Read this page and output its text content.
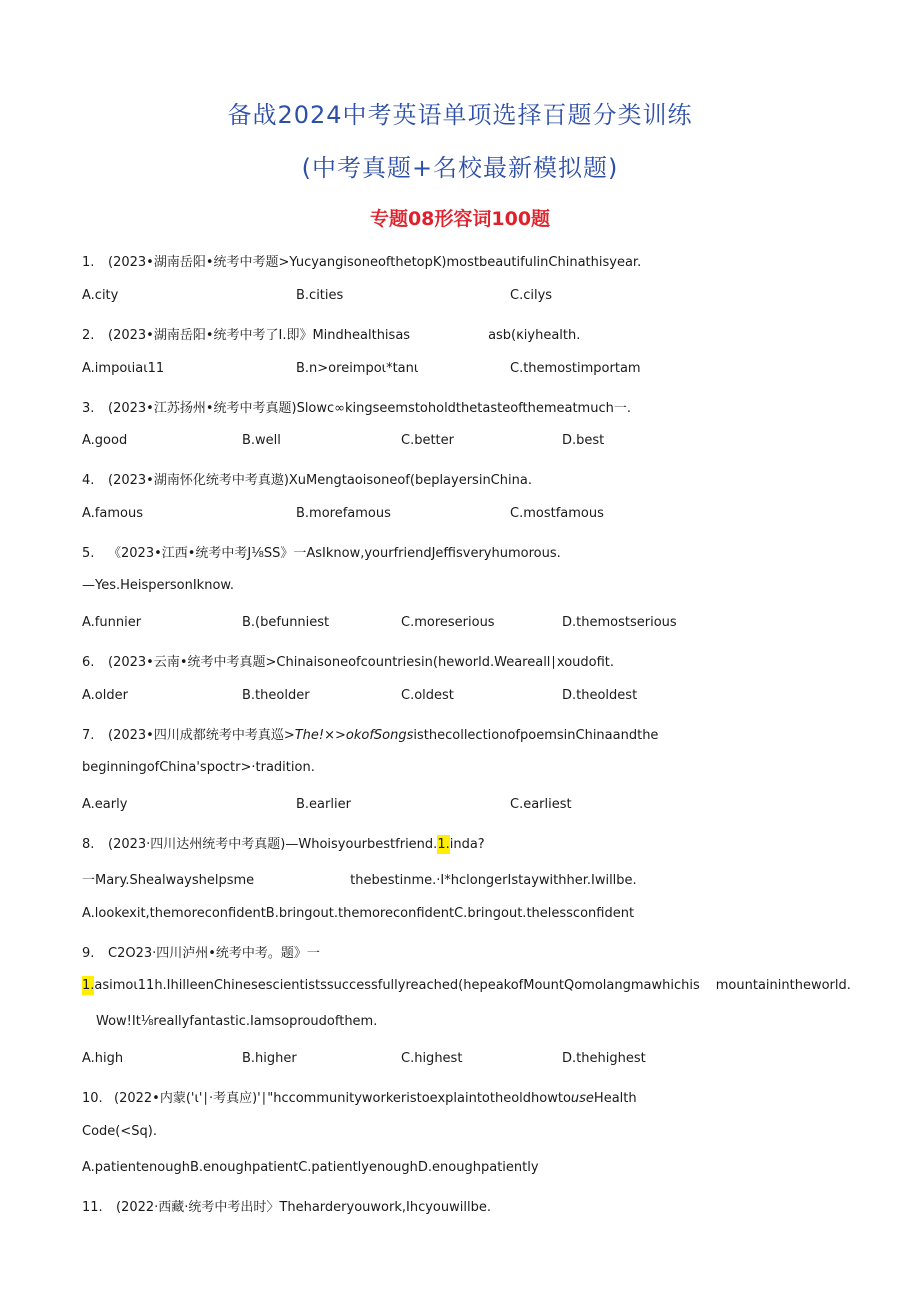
备战2024中考英语单项选择百题分类训练
(中考真题+名校最新模拟题)
专题08形容词100题
1. (2023•湖南岳阳•统考中考题>YucyangisoneofthetopK)mostbeautifulinChinathisyear.
A.city	B.cities	C.cilys
2. (2023•湖南岳阳•统考中考了I.即》Mindhealthisas	asb(κiyhealth.
A.impoιiaι11	B.n>oreimpoι*tanι	C.themostimportam
3. (2023•江苏扬州•统考中考真题)Slowc∞kingseemstoholdthetasteofthemeatmuch一.
A.good	B.well	C.better	D.best
4. (2023•湖南怀化统考中考真遨)XuMengtaoisoneof(beplayersinChina.
A.famous	B.morefamous	C.mostfamous
5. 《2023•江西•统考中考J⅛SS》一AsIknow,yourfriendJeffisveryhumorous.
—Yes.HeispersonIknow.
A.funnier	B.(befunniest	C.moreserious	D.themostserious
6. (2023•云南•统考中考真题>Chinaisoneofcountriesin(heworld.Weareall∣xoudofit.
A.older	B.theolder	C.oldest	D.theoldest
7. (2023•四川成都统考中考真巡>The!×>okofSongsisthecollectionofpoemsinChinaandthe
beginningofChina'spoctr>·tradition.
A.early	B.earlier	C.earliest
8. (2023·四川达州统考中考真题)—Whoisyourbestfriend.1.inda?
一Mary.Shealwayshelpsme	thebestinme.·I*hclongerIstaywithher.Iwillbe.
A.lookexit,themoreconfidentB.bringout.themoreconfidentC.bringout.thelessconfident
9. C2O23·四川泸州•统考中考。题》一
1.asimoι11h.IhilleenChinesescientistssuccessfullyreached(hepeakofMountQomolangmawhichis mountainintheworld.
Wow!It⅛reallyfantastic.Iamsoproudofthem.
A.high	B.higher	C.highest	D.thehighest
10. (2022•内蒙('ι'∣·考真应)'∣"hccommunityworkeristoexplaintotheoldhowtouseHealth
Code(<Sq).
A.patientenoughB.enoughpatientC.patientlyenoughD.enoughpatiently
11. (2022·西藏·统考中考出时〉Theharderyouwork,Ihcyouwillbe.
